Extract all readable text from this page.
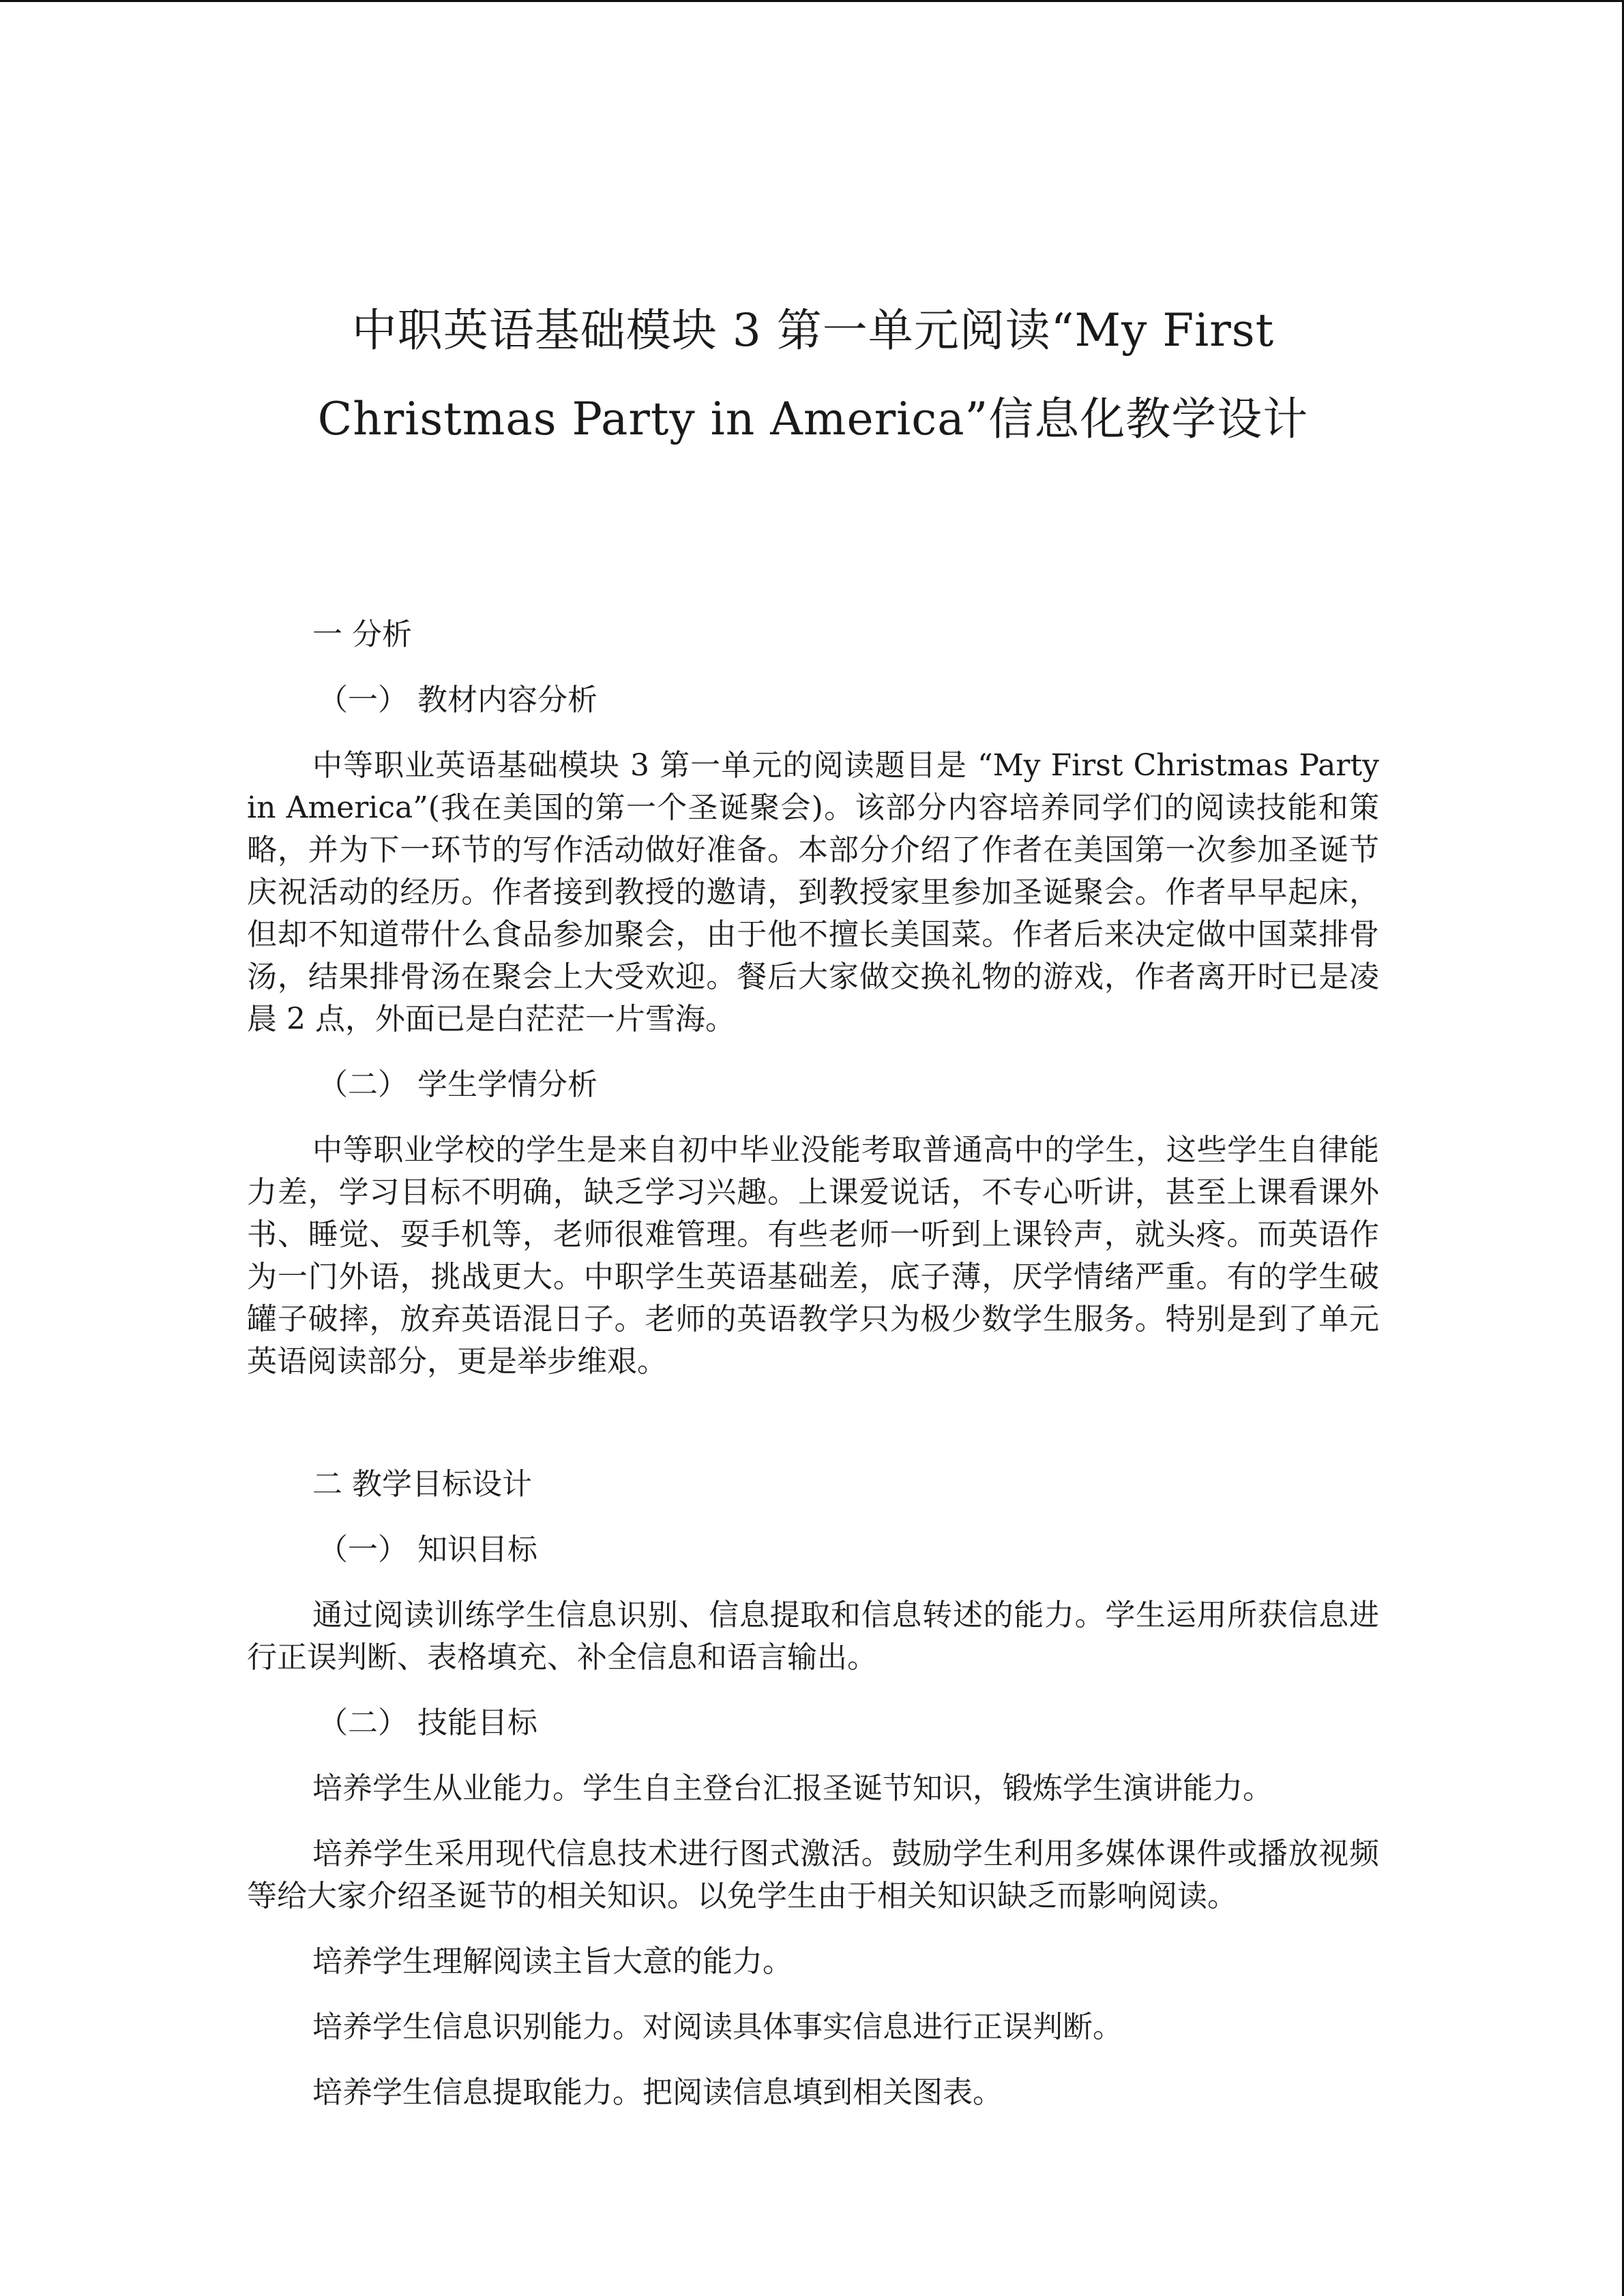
中职英语基础模块 3 第一单元阅读“My First
Christmas Party in America”信息化教学设计
一 分析
（一） 教材内容分析

中等职业英语基础模块 3 第一单元的阅读题目是 “My First Christmas Party in America”(我在美国的第一个圣诞聚会)。该部分内容培养同学们的阅读技能和策略，并为下一环节的写作活动做好准备。本部分介绍了作者在美国第一次参加圣诞节庆祝活动的经历。作者接到教授的邀请，到教授家里参加圣诞聚会。作者早早起床，但却不知道带什么食品参加聚会，由于他不擅长美国菜。作者后来决定做中国菜排骨汤，结果排骨汤在聚会上大受欢迎。餐后大家做交换礼物的游戏，作者离开时已是凌晨 2 点，外面已是白茫茫一片雪海。

（二） 学生学情分析

中等职业学校的学生是来自初中毕业没能考取普通高中的学生，这些学生自律能力差，学习目标不明确，缺乏学习兴趣。上课爱说话，不专心听讲，甚至上课看课外书、睡觉、耍手机等，老师很难管理。有些老师一听到上课铃声，就头疼。而英语作为一门外语，挑战更大。中职学生英语基础差，底子薄，厌学情绪严重。有的学生破罐子破摔，放弃英语混日子。老师的英语教学只为极少数学生服务。特别是到了单元英语阅读部分，更是举步维艰。

二 教学目标设计
（一） 知识目标

通过阅读训练学生信息识别、信息提取和信息转述的能力。学生运用所获信息进行正误判断、表格填充、补全信息和语言输出。

（二） 技能目标

培养学生从业能力。学生自主登台汇报圣诞节知识，锻炼学生演讲能力。

培养学生采用现代信息技术进行图式激活。鼓励学生利用多媒体课件或播放视频等给大家介绍圣诞节的相关知识。以免学生由于相关知识缺乏而影响阅读。

培养学生理解阅读主旨大意的能力。

培养学生信息识别能力。对阅读具体事实信息进行正误判断。

培养学生信息提取能力。把阅读信息填到相关图表。
